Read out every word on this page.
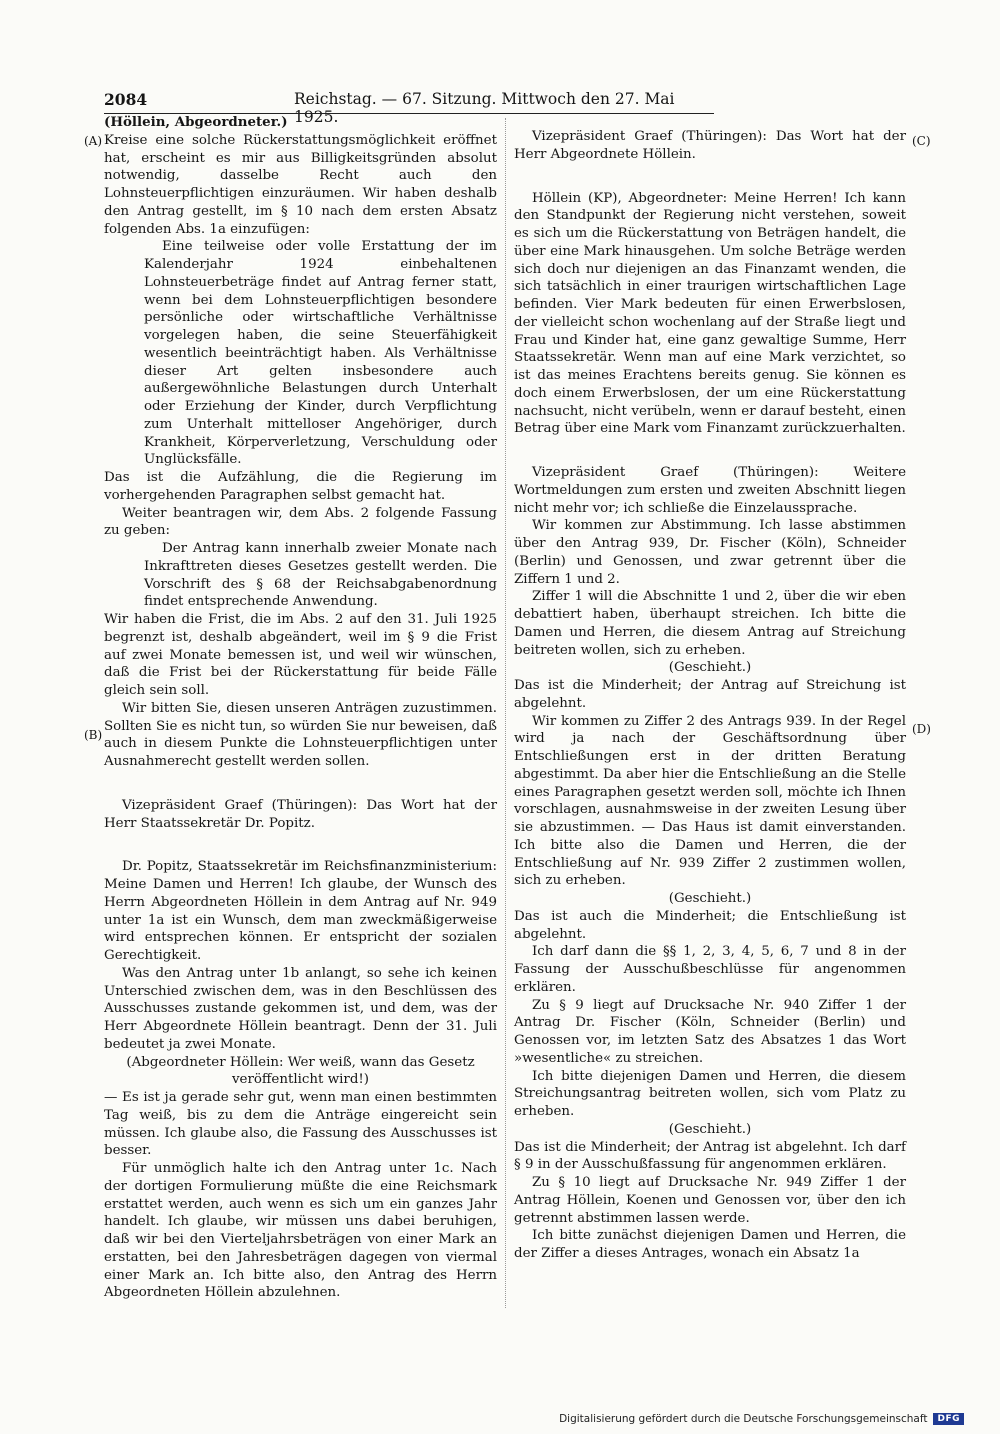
2084	Reichstag. — 67. Sitzung. Mittwoch den 27. Mai 1925.
(A)
(B)
(C)
(D)

(Höllein, Abgeordneter.)

Kreise eine solche Rückerstattungsmöglichkeit eröffnet hat, erscheint es mir aus Billigkeitsgründen absolut notwendig, dasselbe Recht auch den Lohnsteuerpflichtigen einzuräumen. Wir haben deshalb den Antrag gestellt, im § 10 nach dem ersten Absatz folgenden Abs. 1a einzufügen:

Eine teilweise oder volle Erstattung der im Kalenderjahr 1924 einbehaltenen Lohnsteuerbeträge findet auf Antrag ferner statt, wenn bei dem Lohnsteuerpflichtigen besondere persönliche oder wirtschaftliche Verhältnisse vorgelegen haben, die seine Steuerfähigkeit wesentlich beeinträchtigt haben. Als Verhältnisse dieser Art gelten insbesondere auch außergewöhnliche Belastungen durch Unterhalt oder Erziehung der Kinder, durch Verpflichtung zum Unterhalt mittelloser Angehöriger, durch Krankheit, Körperverletzung, Verschuldung oder Unglücksfälle.

Das ist die Aufzählung, die die Regierung im vorhergehenden Paragraphen selbst gemacht hat.

Weiter beantragen wir, dem Abs. 2 folgende Fassung zu geben:

Der Antrag kann innerhalb zweier Monate nach Inkrafttreten dieses Gesetzes gestellt werden. Die Vorschrift des § 68 der Reichsabgabenordnung findet entsprechende Anwendung.

Wir haben die Frist, die im Abs. 2 auf den 31. Juli 1925 begrenzt ist, deshalb abgeändert, weil im § 9 die Frist auf zwei Monate bemessen ist, und weil wir wünschen, daß die Frist bei der Rückerstattung für beide Fälle gleich sein soll.

Wir bitten Sie, diesen unseren Anträgen zuzustimmen. Sollten Sie es nicht tun, so würden Sie nur beweisen, daß auch in diesem Punkte die Lohnsteuerpflichtigen unter Ausnahmerecht gestellt werden sollen.

Vizepräsident Graef (Thüringen): Das Wort hat der Herr Staatssekretär Dr. Popitz.

Dr. Popitz, Staatssekretär im Reichsfinanzministerium: Meine Damen und Herren! Ich glaube, der Wunsch des Herrn Abgeordneten Höllein in dem Antrag auf Nr. 949 unter 1a ist ein Wunsch, dem man zweckmäßigerweise wird entsprechen können. Er entspricht der sozialen Gerechtigkeit.

Was den Antrag unter 1b anlangt, so sehe ich keinen Unterschied zwischen dem, was in den Beschlüssen des Ausschusses zustande gekommen ist, und dem, was der Herr Abgeordnete Höllein beantragt. Denn der 31. Juli bedeutet ja zwei Monate.

(Abgeordneter Höllein: Wer weiß, wann das Gesetz veröffentlicht wird!)

— Es ist ja gerade sehr gut, wenn man einen bestimmten Tag weiß, bis zu dem die Anträge eingereicht sein müssen. Ich glaube also, die Fassung des Ausschusses ist besser.

Für unmöglich halte ich den Antrag unter 1c. Nach der dortigen Formulierung müßte die eine Reichsmark erstattet werden, auch wenn es sich um ein ganzes Jahr handelt. Ich glaube, wir müssen uns dabei beruhigen, daß wir bei den Vierteljahrsbeträgen von einer Mark an erstatten, bei den Jahresbeträgen dagegen von viermal einer Mark an. Ich bitte also, den Antrag des Herrn Abgeordneten Höllein abzulehnen.

Vizepräsident Graef (Thüringen): Das Wort hat der Herr Abgeordnete Höllein.

Höllein (KP), Abgeordneter: Meine Herren! Ich kann den Standpunkt der Regierung nicht verstehen, soweit es sich um die Rückerstattung von Beträgen handelt, die über eine Mark hinausgehen. Um solche Beträge werden sich doch nur diejenigen an das Finanzamt wenden, die sich tatsächlich in einer traurigen wirtschaftlichen Lage befinden. Vier Mark bedeuten für einen Erwerbslosen, der vielleicht schon wochenlang auf der Straße liegt und Frau und Kinder hat, eine ganz gewaltige Summe, Herr Staatssekretär. Wenn man auf eine Mark verzichtet, so ist das meines Erachtens bereits genug. Sie können es doch einem Erwerbslosen, der um eine Rückerstattung nachsucht, nicht verübeln, wenn er darauf besteht, einen Betrag über eine Mark vom Finanzamt zurückzuerhalten.

Vizepräsident Graef (Thüringen): Weitere Wortmeldungen zum ersten und zweiten Abschnitt liegen nicht mehr vor; ich schließe die Einzelaussprache.

Wir kommen zur Abstimmung. Ich lasse abstimmen über den Antrag 939, Dr. Fischer (Köln), Schneider (Berlin) und Genossen, und zwar getrennt über die Ziffern 1 und 2.

Ziffer 1 will die Abschnitte 1 und 2, über die wir eben debattiert haben, überhaupt streichen. Ich bitte die Damen und Herren, die diesem Antrag auf Streichung beitreten wollen, sich zu erheben.

(Geschieht.)

Das ist die Minderheit; der Antrag auf Streichung ist abgelehnt.

Wir kommen zu Ziffer 2 des Antrags 939. In der Regel wird ja nach der Geschäftsordnung über Entschließungen erst in der dritten Beratung abgestimmt. Da aber hier die Entschließung an die Stelle eines Paragraphen gesetzt werden soll, möchte ich Ihnen vorschlagen, ausnahmsweise in der zweiten Lesung über sie abzustimmen. — Das Haus ist damit einverstanden. Ich bitte also die Damen und Herren, die der Entschließung auf Nr. 939 Ziffer 2 zustimmen wollen, sich zu erheben.

(Geschieht.)

Das ist auch die Minderheit; die Entschließung ist abgelehnt.

Ich darf dann die §§ 1, 2, 3, 4, 5, 6, 7 und 8 in der Fassung der Ausschußbeschlüsse für angenommen erklären.

Zu § 9 liegt auf Drucksache Nr. 940 Ziffer 1 der Antrag Dr. Fischer (Köln, Schneider (Berlin) und Genossen vor, im letzten Satz des Absatzes 1 das Wort »wesentliche« zu streichen.

Ich bitte diejenigen Damen und Herren, die diesem Streichungsantrag beitreten wollen, sich vom Platz zu erheben.

(Geschieht.)

Das ist die Minderheit; der Antrag ist abgelehnt. Ich darf § 9 in der Ausschußfassung für angenommen erklären.

Zu § 10 liegt auf Drucksache Nr. 949 Ziffer 1 der Antrag Höllein, Koenen und Genossen vor, über den ich getrennt abstimmen lassen werde.

Ich bitte zunächst diejenigen Damen und Herren, die der Ziffer a dieses Antrages, wonach ein Absatz 1a

Digitalisierung gefördert durch die Deutsche Forschungsgemeinschaft	DFG
